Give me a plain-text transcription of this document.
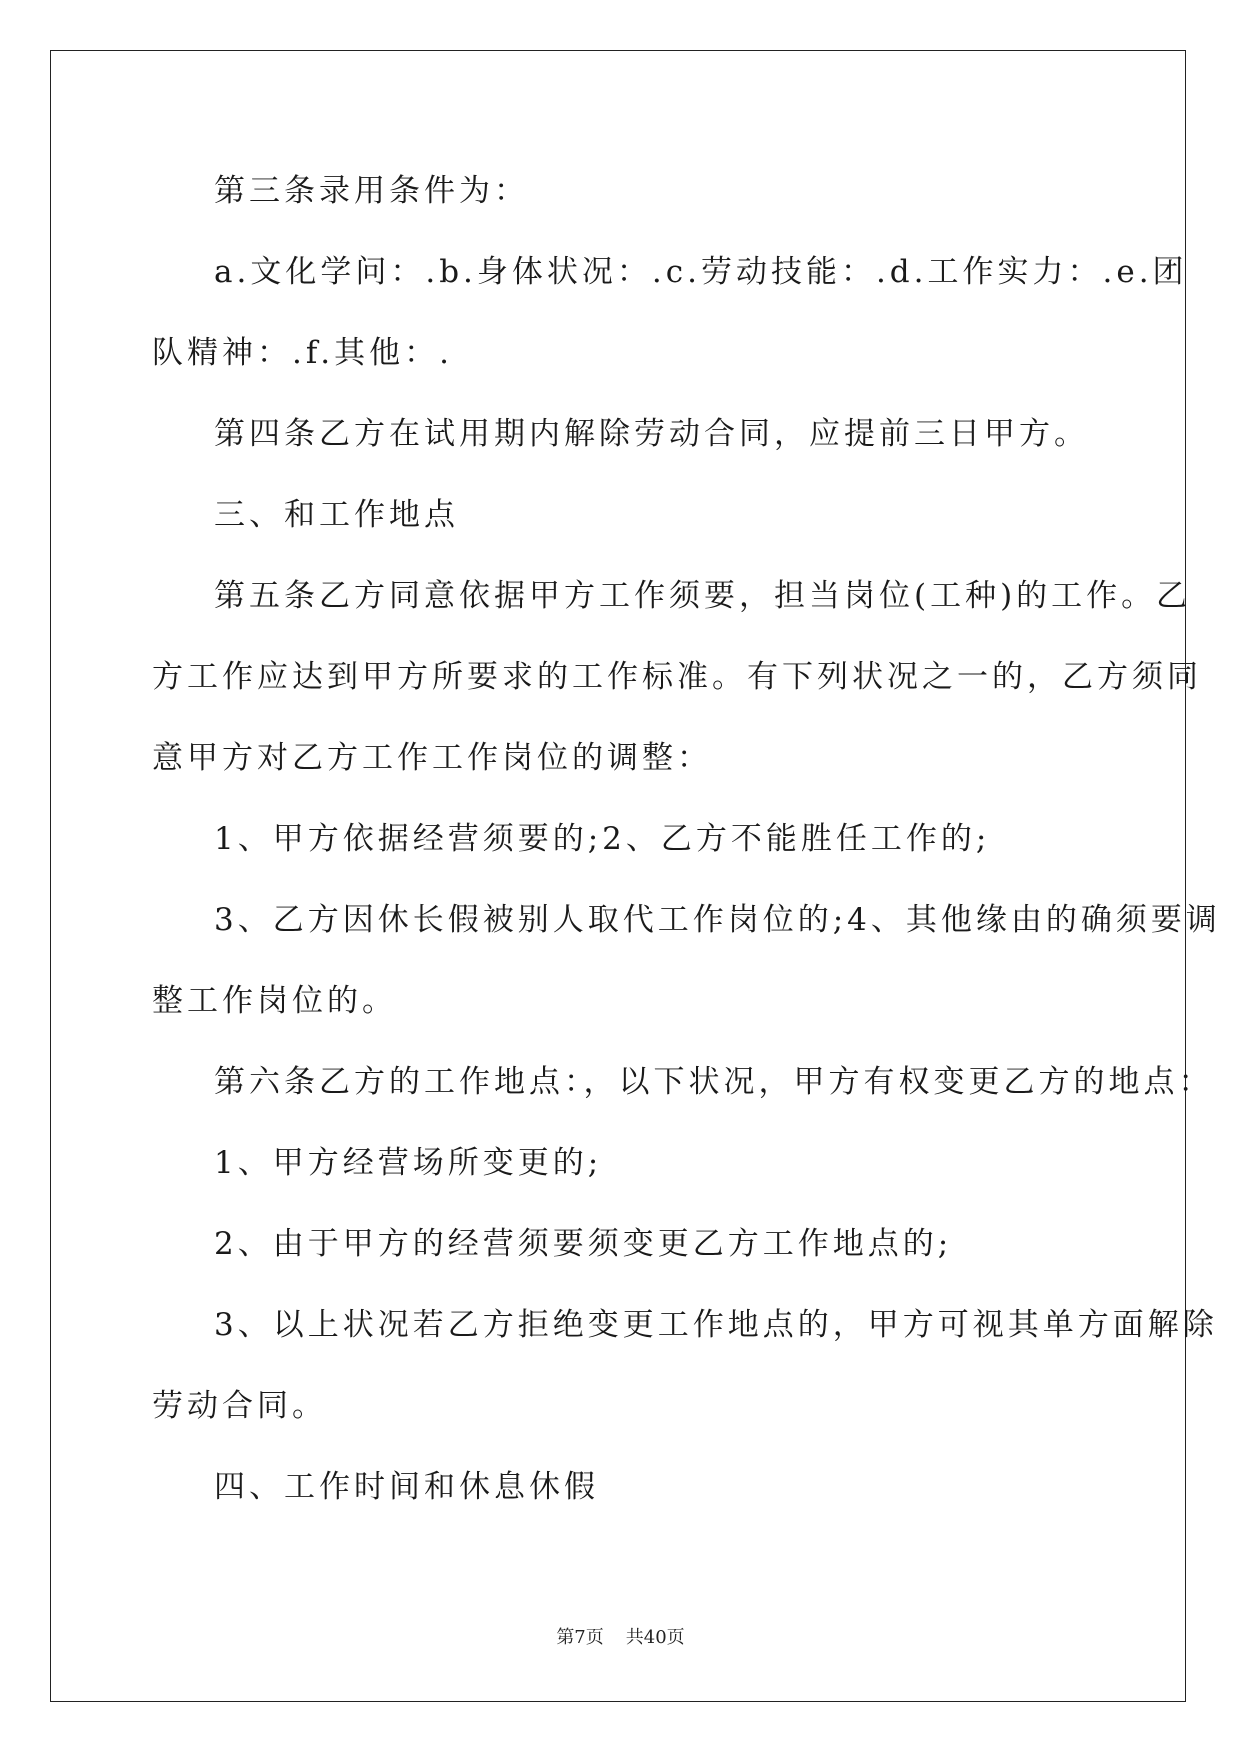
第三条录用条件为：
a.文化学问：.b.身体状况：.c.劳动技能：.d.工作实力：.e.团
队精神：.f.其他：.
第四条乙方在试用期内解除劳动合同，应提前三日甲方。
三、和工作地点
第五条乙方同意依据甲方工作须要，担当岗位(工种)的工作。乙
方工作应达到甲方所要求的工作标准。有下列状况之一的，乙方须同
意甲方对乙方工作工作岗位的调整：
1、甲方依据经营须要的;2、乙方不能胜任工作的;
3、乙方因休长假被别人取代工作岗位的;4、其他缘由的确须要调
整工作岗位的。
第六条乙方的工作地点：，以下状况，甲方有权变更乙方的地点：
1、甲方经营场所变更的;
2、由于甲方的经营须要须变更乙方工作地点的;
3、以上状况若乙方拒绝变更工作地点的，甲方可视其单方面解除
劳动合同。
四、工作时间和休息休假
第7页 共40页
